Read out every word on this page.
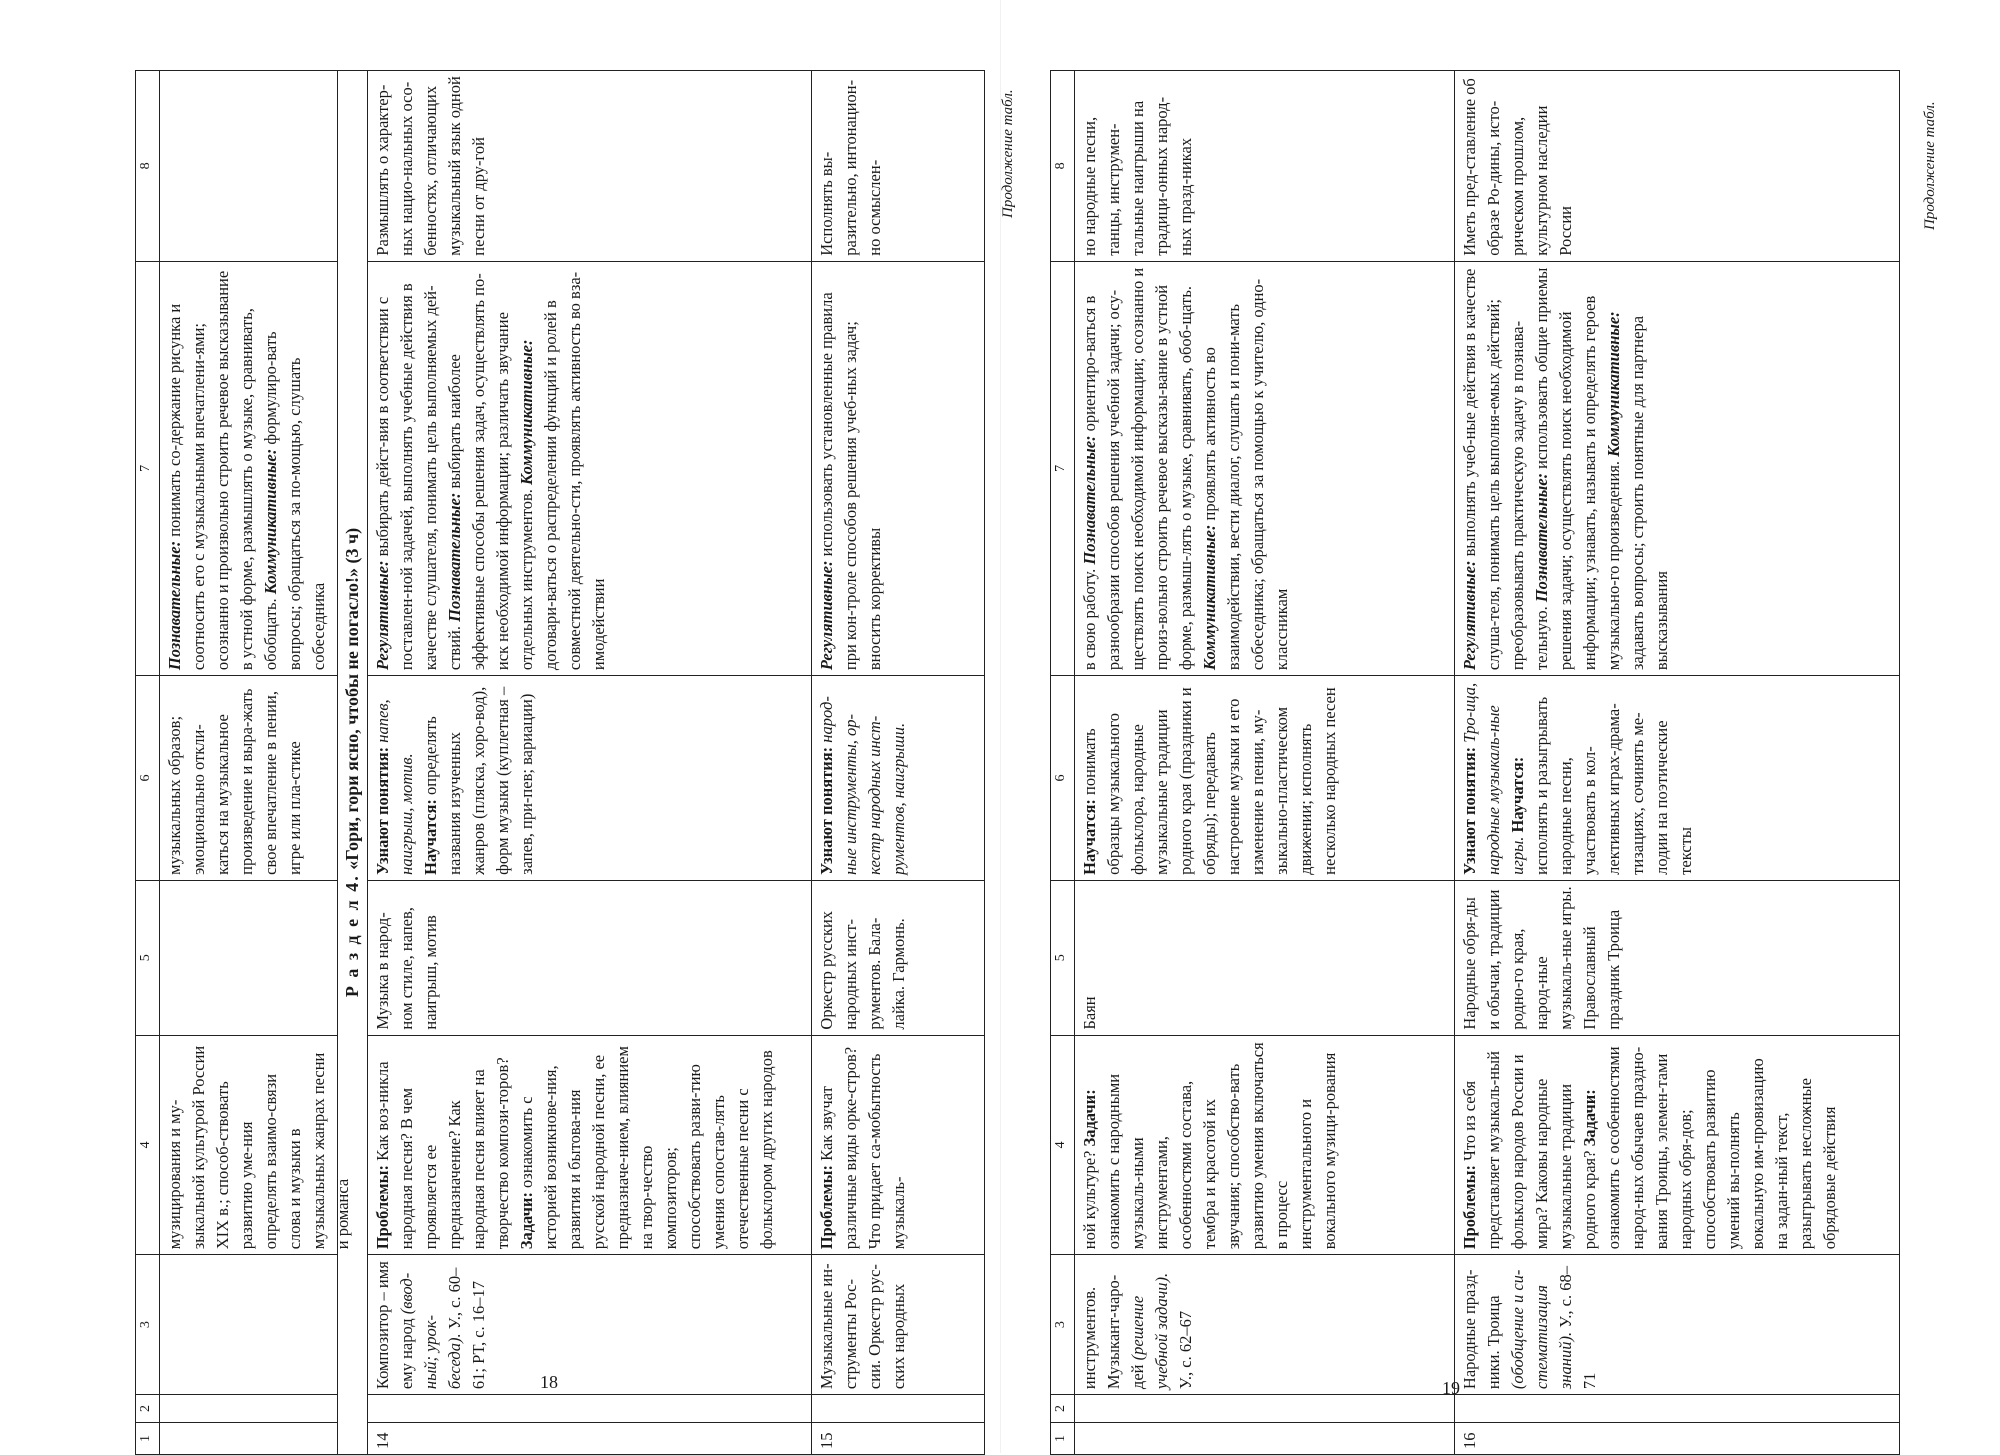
Продолжение табл.
1
2
3
4
5
6
7
8
музицирования и му-зыкальной культурой России XIX в.; способ-ствовать развитию уме-ния определять взаимо-связи слова и музыки в музыкальных жанрах песни и романса
музыкальных образов; эмоционально откли-каться на музыкальное произведение и выра-жать свое впечатление в пении, игре или пла-стике
Познавательные: понимать со-держание рисунка и соотносить его с музыкальными впечатлени-ями; осознанно и произвольно строить речевое высказывание в устной форме, размышлять о музыке, сравнивать, обобщать. Коммуникативные: формулиро-вать вопросы; обращаться за по-мощью, слушать собеседника
Р а з д е л 4. «Гори, гори ясно, чтобы не погасло!» (3 ч)
14
Композитор – имя ему народ (ввод-ный; урок-беседа). У., с. 60–61; РТ, с. 16–17
Проблемы: Как воз-никла народная песня? В чем проявляется ее предназначение? Как народная песня влияет на творчество компози-торов? Задачи: ознакомить с историей возникнове-ния, развития и бытова-ния русской народной песни, ее предназначе-нием, влиянием на твор-чество композиторов; способствовать разви-тию умения сопостав-лять отечественные песни с фольклором других народов
Музыка в народ-ном стиле, напев, наигрыш, мотив
Узнают понятия: напев, наигрыш, мотив. Научатся: определять названия изученных жанров (пляска, хоро-вод), форм музыки (куплетная – запев, при-пев; вариации)
Регулятивные: выбирать дейст-вия в соответствии с поставлен-ной задачей, выполнять учебные действия в качестве слушателя, понимать цель выполняемых дей-ствий. Познавательные: выбирать наиболее эффективные способы решения задач, осуществлять по-иск необходимой информации; различать звучание отдельных инструментов. Коммуникативные: договари-ваться о распределении функций и ролей в совместной деятельно-сти, проявлять активность во вза-имодействии
Размышлять о характер-ных нацио-нальных осо-бенностях, отличающих музыкальный язык одной песни от дру-гой
15
Музыкальные ин-струменты Рос-сии. Оркестр рус-ских народных
Проблемы: Как звучат различные виды орке-стров? Что придает са-мобытность музыкаль-
Оркестр русских народных инст-рументов. Бала-лайка. Гармонь.
Узнают понятия: народ-ные инструменты, ор-кестр народных инст-рументов, наигрыши.
Регулятивные: использовать установленные правила при кон-троле способов решения учеб-ных задач; вносить коррективы
Исполнять вы-разительно, интонацион-но осмыслен-
18
Продолжение табл.
1
2
3
4
5
6
7
8
инструментов. Музыкант-чаро-дей (решение учебной задачи). У., с. 62–67
ной культуре? Задачи: ознакомить с народными музыкаль-ными инструментами, особенностями состава, тембра и красотой их звучания; способство-вать развитию умения включаться в процесс инструментального и вокального музици-рования
Баян
Научатся: понимать образцы музыкального фольклора, народные музыкальные традиции родного края (праздники и обряды); передавать настроение музыки и его изменение в пении, му-зыкально-пластическом движении; исполнять несколько народных песен
в свою работу. Познавательные: ориентиро-ваться в разнообразии способов решения учебной задачи; осу-ществлять поиск необходимой информации; осознанно и произ-вольно строить речевое высказы-вание в устной форме, размыш-лять о музыке, сравнивать, обоб-щать. Коммуникативные: проявлять активность во взаимодействии, вести диалог, слушать и пони-мать собеседника; обращаться за помощью к учителю, одно-классникам
но народные песни, танцы, инструмен-тальные наигрыши на традици-онных народ-ных празд-никах
16
Народные празд-ники. Троица (обобщение и си-стематизация знаний). У., с. 68–71
Проблемы: Что из себя представляет музыкаль-ный фольклор народов России и мира? Каковы народные музыкальные традиции родного края? Задачи: ознакомить с особенностями народ-ных обычаев праздно-вания Троицы, элемен-тами народных обря-дов; способствовать развитию умений вы-полнять вокальную им-провизацию на задан-ный текст, разыгрывать несложные обрядовые действия
Народные обря-ды и обычаи, традиции родно-го края, народ-ные музыкаль-ные игры. Православный праздник Троица
Узнают понятия: Тро-ица, народные музыкаль-ные игры. Научатся: исполнять и разыгрывать народные песни, участвовать в кол-лективных играх-драма-тизациях, сочинять ме-лодии на поэтические тексты
Регулятивные: выполнять учеб-ные действия в качестве слуша-теля, понимать цель выполня-емых действий; преобразовывать практическую задачу в познава-тельную. Познавательные: использовать общие приемы решения задачи; осуществлять поиск необходимой информации; узнавать, называть и определять героев музыкально-го произведения. Коммуникативные: задавать вопросы; строить понятные для партнера высказывания
Иметь пред-ставление об образе Ро-дины, исто-рическом прошлом, культурном наследии России
19
